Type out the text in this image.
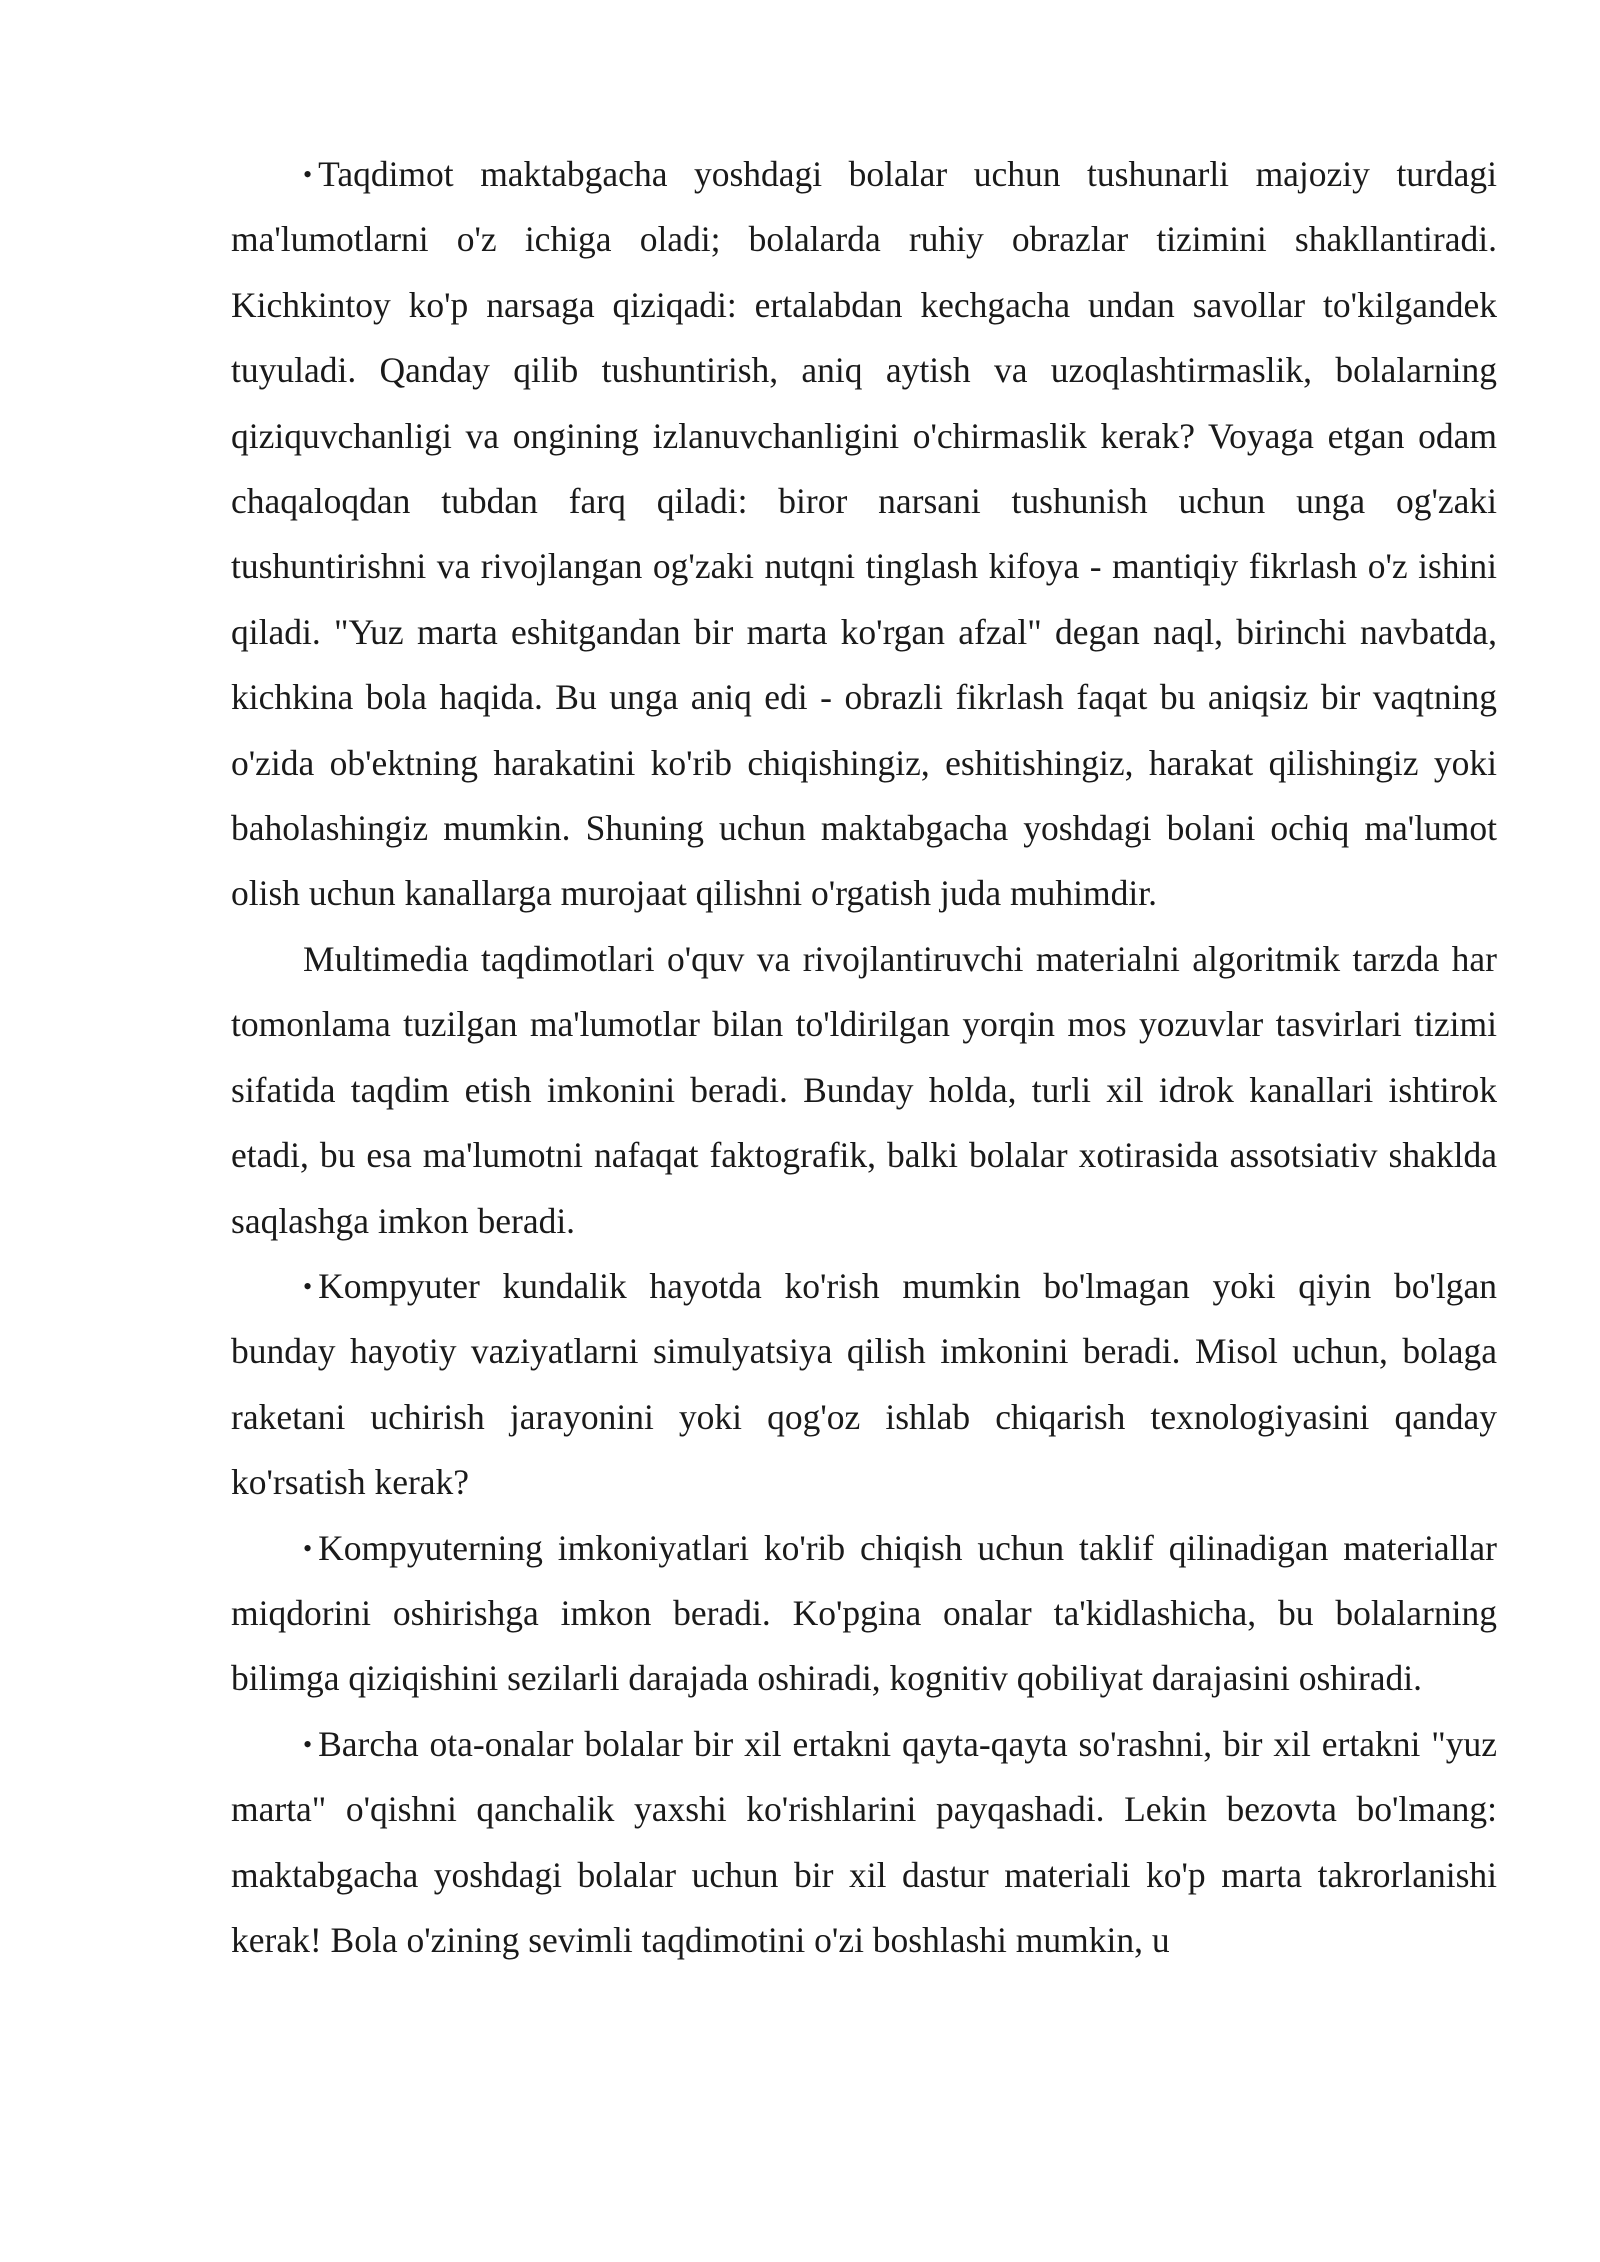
• Taqdimot maktabgacha yoshdagi bolalar uchun tushunarli majoziy turdagi ma'lumotlarni o'z ichiga oladi; bolalarda ruhiy obrazlar tizimini shakllantiradi. Kichkintoy ko'p narsaga qiziqadi: ertalabdan kechgacha undan savollar to'kilgandek tuyuladi. Qanday qilib tushuntirish, aniq aytish va uzoqlashtirmaslik, bolalarning qiziquvchanligi va ongining izlanuvchanligini o'chirmaslik kerak? Voyaga etgan odam chaqaloqdan tubdan farq qiladi: biror narsani tushunish uchun unga og'zaki tushuntirishni va rivojlangan og'zaki nutqni tinglash kifoya - mantiqiy fikrlash o'z ishini qiladi. "Yuz marta eshitgandan bir marta ko'rgan afzal" degan naql, birinchi navbatda, kichkina bola haqida. Bu unga aniq edi - obrazli fikrlash faqat bu aniqsiz bir vaqtning o'zida ob'ektning harakatini ko'rib chiqishingiz, eshitishingiz, harakat qilishingiz yoki baholashingiz mumkin. Shuning uchun maktabgacha yoshdagi bolani ochiq ma'lumot olish uchun kanallarga murojaat qilishni o'rgatish juda muhimdir.

Multimedia taqdimotlari o'quv va rivojlantiruvchi materialni algoritmik tarzda har tomonlama tuzilgan ma'lumotlar bilan to'ldirilgan yorqin mos yozuvlar tasvirlari tizimi sifatida taqdim etish imkonini beradi. Bunday holda, turli xil idrok kanallari ishtirok etadi, bu esa ma'lumotni nafaqat faktografik, balki bolalar xotirasida assotsiativ shakldа saqlashga imkon beradi.

• Kompyuter kundalik hayotda ko'rish mumkin bo'lmagan yoki qiyin bo'lgan bunday hayotiy vaziyatlarni simulyatsiya qilish imkonini beradi. Misol uchun, bolaga raketani uchirish jarayonini yoki qog'oz ishlab chiqarish texnologiyasini qanday ko'rsatish kerak?

• Kompyuterning imkoniyatlari ko'rib chiqish uchun taklif qilinadigan materiallar miqdorini oshirishga imkon beradi. Ko'pgina onalar ta'kidlashicha, bu bolalarning bilimga qiziqishini sezilarli darajada oshiradi, kognitiv qobiliyat darajasini oshiradi.

• Barcha ota-onalar bolalar bir xil ertakni qayta-qayta so'rashni, bir xil ertakni "yuz marta" o'qishni qanchalik yaxshi ko'rishlarini payqashadi. Lekin bezovta bo'lmang: maktabgacha yoshdagi bolalar uchun bir xil dastur materiali ko'p marta takrorlanishi kerak! Bola o'zining sevimli taqdimotini o'zi boshlashi mumkin, u
